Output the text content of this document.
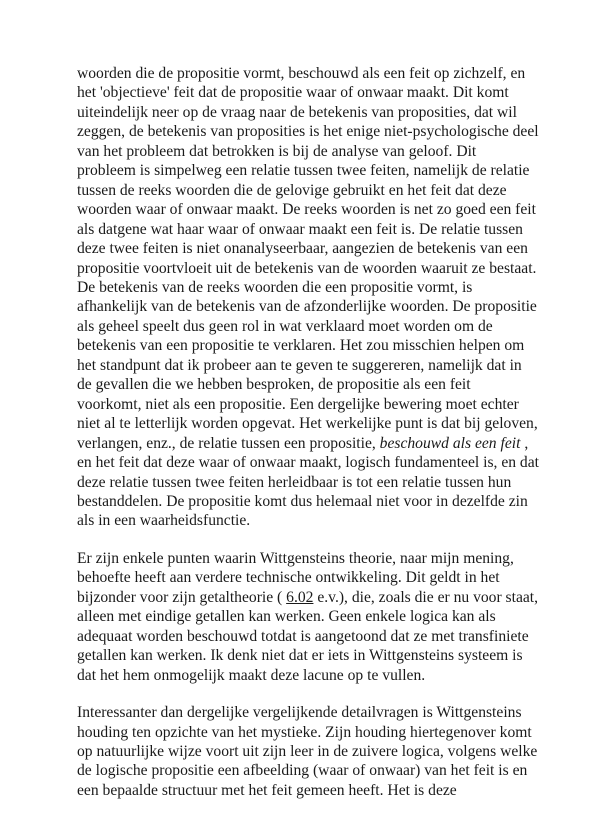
woorden die de propositie vormt, beschouwd als een feit op zichzelf, en het 'objectieve' feit dat de propositie waar of onwaar maakt. Dit komt uiteindelijk neer op de vraag naar de betekenis van proposities, dat wil zeggen, de betekenis van proposities is het enige niet-psychologische deel van het probleem dat betrokken is bij de analyse van geloof. Dit probleem is simpelweg een relatie tussen twee feiten, namelijk de relatie tussen de reeks woorden die de gelovige gebruikt en het feit dat deze woorden waar of onwaar maakt. De reeks woorden is net zo goed een feit als datgene wat haar waar of onwaar maakt een feit is. De relatie tussen deze twee feiten is niet onanalyseerbaar, aangezien de betekenis van een propositie voortvloeit uit de betekenis van de woorden waaruit ze bestaat. De betekenis van de reeks woorden die een propositie vormt, is afhankelijk van de betekenis van de afzonderlijke woorden. De propositie als geheel speelt dus geen rol in wat verklaard moet worden om de betekenis van een propositie te verklaren. Het zou misschien helpen om het standpunt dat ik probeer aan te geven te suggereren, namelijk dat in de gevallen die we hebben besproken, de propositie als een feit voorkomt, niet als een propositie. Een dergelijke bewering moet echter niet al te letterlijk worden opgevat. Het werkelijke punt is dat bij geloven, verlangen, enz., de relatie tussen een propositie, beschouwd als een feit , en het feit dat deze waar of onwaar maakt, logisch fundamenteel is, en dat deze relatie tussen twee feiten herleidbaar is tot een relatie tussen hun bestanddelen. De propositie komt dus helemaal niet voor in dezelfde zin als in een waarheidsfunctie.

Er zijn enkele punten waarin Wittgensteins theorie, naar mijn mening, behoefte heeft aan verdere technische ontwikkeling. Dit geldt in het bijzonder voor zijn getaltheorie ( 6.02 e.v.), die, zoals die er nu voor staat, alleen met eindige getallen kan werken. Geen enkele logica kan als adequaat worden beschouwd totdat is aangetoond dat ze met transfiniete getallen kan werken. Ik denk niet dat er iets in Wittgensteins systeem is dat het hem onmogelijk maakt deze lacune op te vullen.

Interessanter dan dergelijke vergelijkende detailvragen is Wittgensteins houding ten opzichte van het mystieke. Zijn houding hiertegenover komt op natuurlijke wijze voort uit zijn leer in de zuivere logica, volgens welke de logische propositie een afbeelding (waar of onwaar) van het feit is en een bepaalde structuur met het feit gemeen heeft. Het is deze
